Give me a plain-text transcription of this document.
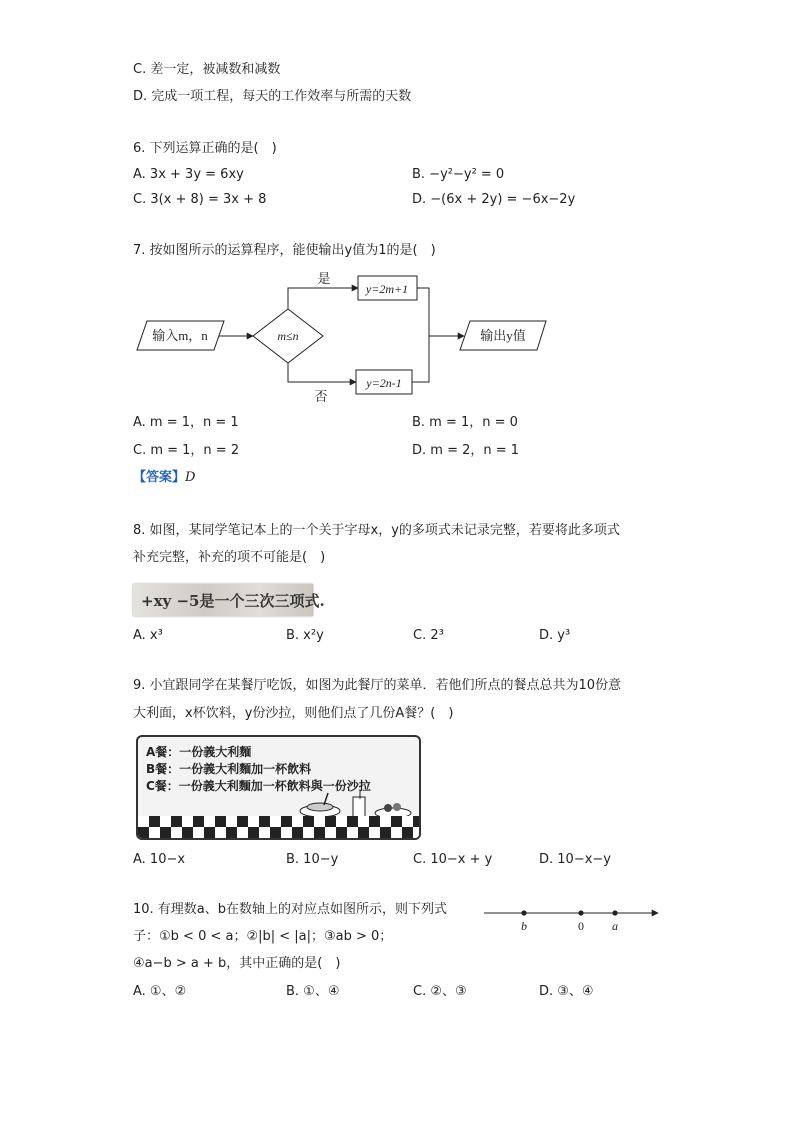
C. 差一定，被减数和减数
D. 完成一项工程，每天的工作效率与所需的天数
6. 下列运算正确的是(　)
A. 3x + 3y = 6xy	B. −y²−y² = 0
C. 3(x + 8) = 3x + 8	D. −(6x + 2y) = −6x−2y
7. 按如图所示的运算程序，能使输出y值为1的是(　)
输入m，n	m≤n
是
y=2m+1
否
y=2n-1
输出y值
b	0 a
A. m = 1，n = 1	B. m = 1，n = 0
C. m = 1，n = 2	D. m = 2，n = 1
【答案】D
8. 如图，某同学笔记本上的一个关于字母x，y的多项式未记录完整，若要将此多项式
补充完整，补充的项不可能是(　)
+xy −5是一个三次三项式.
A. x³	B. x²y	C. 2³	D. y³
9. 小宜跟同学在某餐厅吃饭，如图为此餐厅的菜单．若他们所点的餐点总共为10份意
大利面，x杯饮料，y份沙拉，则他们点了几份A餐？(　)
A餐：一份義大利麵
B餐：一份義大利麵加一杯飲料
C餐：一份義大利麵加一杯飲料與一份沙拉
A. 10−x	B. 10−y	C. 10−x + y	D. 10−x−y
10. 有理数a、b在数轴上的对应点如图所示，则下列式
子：①b < 0 < a；②|b| < |a|；③ab > 0；
④a−b > a + b，其中正确的是(　)
A. ①、②	B. ①、④	C. ②、③	D. ③、④
